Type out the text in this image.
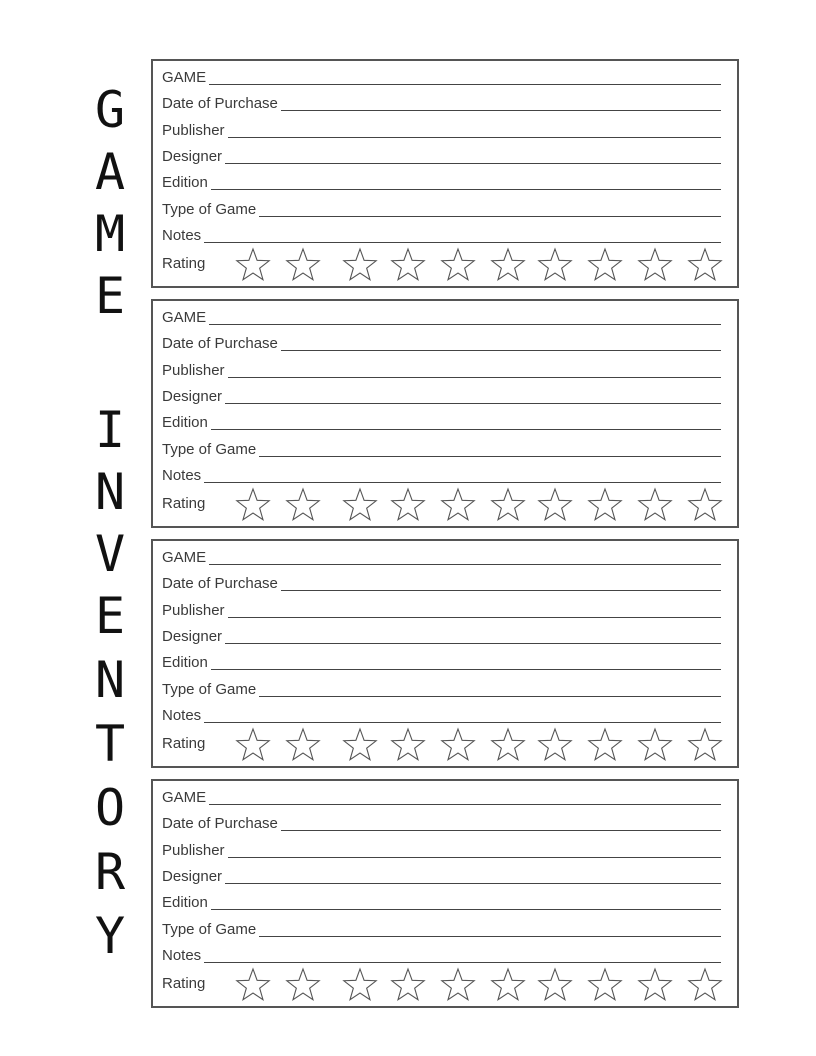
G
A
M
E
I
N
V
E
N
T
O
R
Y
GAME
Date of Purchase
Publisher
Designer
Edition
Type of Game
Notes
Rating
GAME
Date of Purchase
Publisher
Designer
Edition
Type of Game
Notes
Rating
GAME
Date of Purchase
Publisher
Designer
Edition
Type of Game
Notes
Rating
GAME
Date of Purchase
Publisher
Designer
Edition
Type of Game
Notes
Rating
